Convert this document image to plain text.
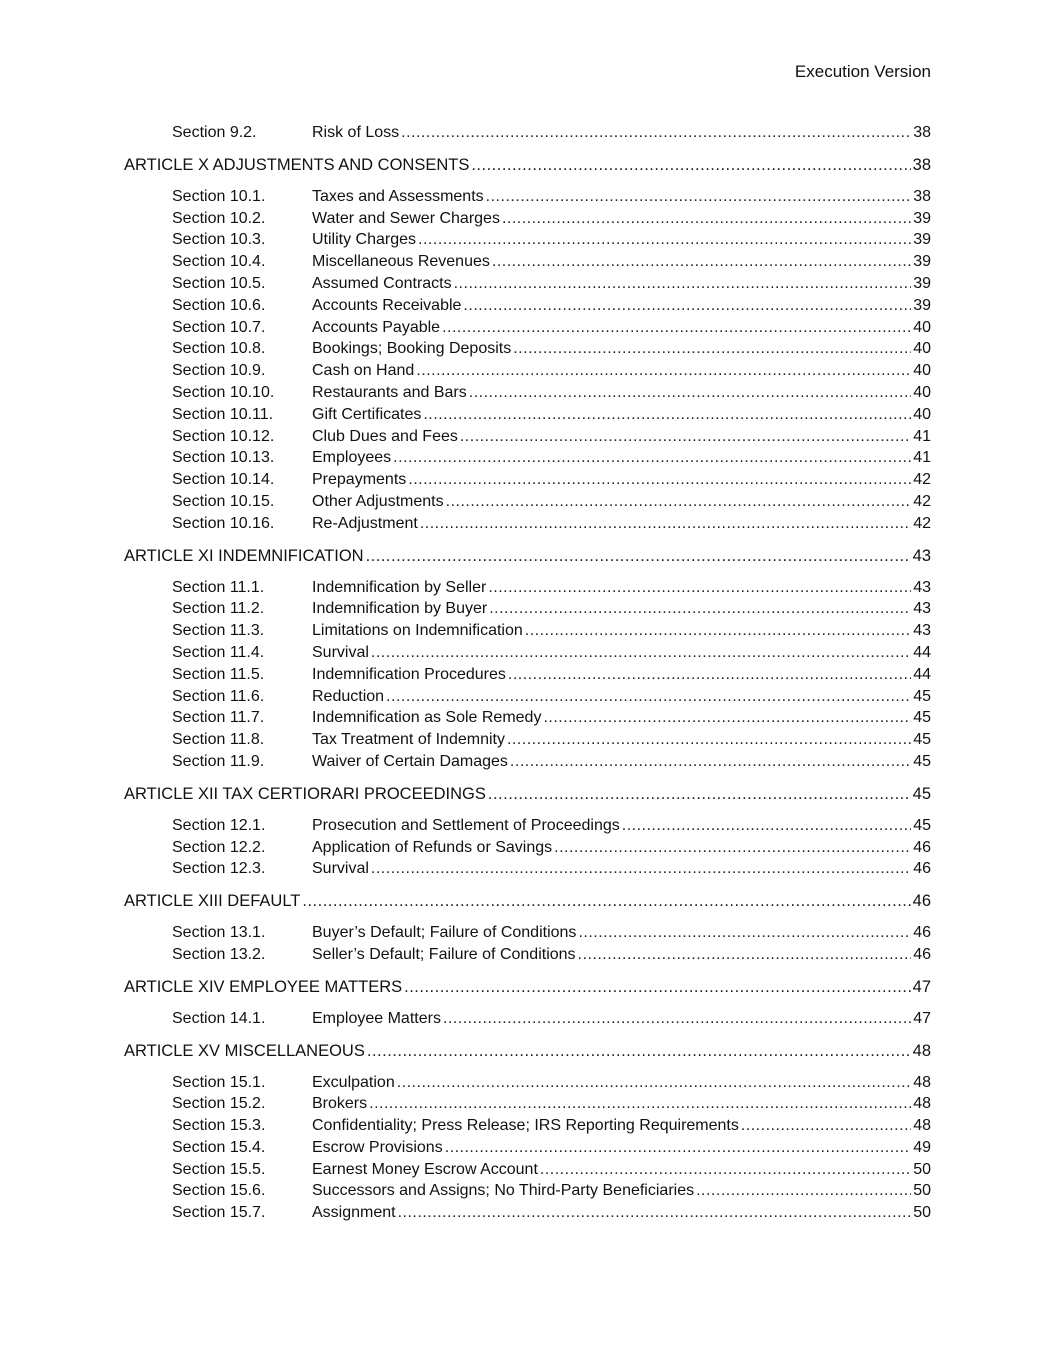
Execution Version
Section 9.2.	Risk of Loss .....	38
ARTICLE X ADJUSTMENTS AND CONSENTS .....	38
Section 10.1.	Taxes and Assessments .....	38
Section 10.2.	Water and Sewer Charges .....	39
Section 10.3.	Utility Charges .....	39
Section 10.4.	Miscellaneous Revenues .....	39
Section 10.5.	Assumed Contracts .....	39
Section 10.6.	Accounts Receivable .....	39
Section 10.7.	Accounts Payable .....	40
Section 10.8.	Bookings; Booking Deposits .....	40
Section 10.9.	Cash on Hand .....	40
Section 10.10.	Restaurants and Bars .....	40
Section 10.11.	Gift Certificates .....	40
Section 10.12.	Club Dues and Fees .....	41
Section 10.13.	Employees .....	41
Section 10.14.	Prepayments .....	42
Section 10.15.	Other Adjustments .....	42
Section 10.16.	Re-Adjustment .....	42
ARTICLE XI INDEMNIFICATION .....	43
Section 11.1.	Indemnification by Seller .....	43
Section 11.2.	Indemnification by Buyer .....	43
Section 11.3.	Limitations on Indemnification .....	43
Section 11.4.	Survival .....	44
Section 11.5.	Indemnification Procedures .....	44
Section 11.6.	Reduction .....	45
Section 11.7.	Indemnification as Sole Remedy .....	45
Section 11.8.	Tax Treatment of Indemnity .....	45
Section 11.9.	Waiver of Certain Damages .....	45
ARTICLE XII TAX CERTIORARI PROCEEDINGS .....	45
Section 12.1.	Prosecution and Settlement of Proceedings .....	45
Section 12.2.	Application of Refunds or Savings .....	46
Section 12.3.	Survival .....	46
ARTICLE XIII DEFAULT .....	46
Section 13.1.	Buyer’s Default; Failure of Conditions .....	46
Section 13.2.	Seller’s Default; Failure of Conditions .....	46
ARTICLE XIV EMPLOYEE MATTERS .....	47
Section 14.1.	Employee Matters .....	47
ARTICLE XV MISCELLANEOUS .....	48
Section 15.1.	Exculpation .....	48
Section 15.2.	Brokers .....	48
Section 15.3.	Confidentiality; Press Release; IRS Reporting Requirements .....	48
Section 15.4.	Escrow Provisions .....	49
Section 15.5.	Earnest Money Escrow Account .....	50
Section 15.6.	Successors and Assigns; No Third-Party Beneficiaries .....	50
Section 15.7.	Assignment .....	50
